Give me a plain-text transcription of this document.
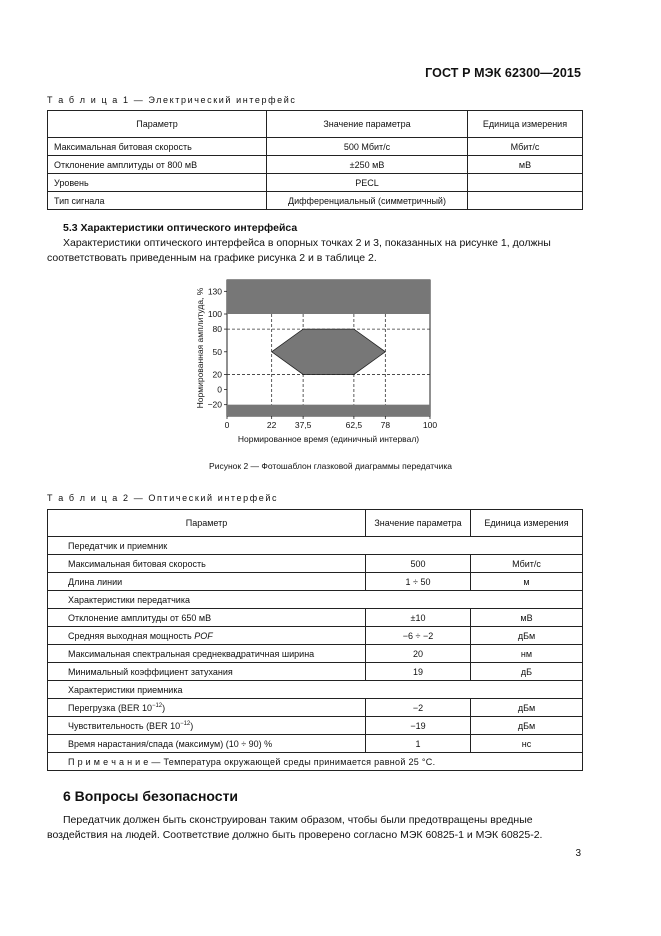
ГОСТ Р МЭК 62300—2015
Т а б л и ц а 1 — Электрический интерфейс
Параметр	Значение параметра	Единица измерения
Максимальная битовая скорость	500 Мбит/с	Мбит/с
Отклонение амплитуды от 800 мВ	±250 мВ	мВ
Уровень	PECL	
Тип сигнала	Дифференциальный (симметричный)	
5.3 Характеристики оптического интерфейса
Характеристики оптического интерфейса в опорных точках 2 и 3, показанных на рисунке 1, должны
соответствовать приведенным на графике рисунка 2 и в таблице 2.
130
100
80
50
20
0
−20
0	22 37,5	62,5 78	100
Нормированное время (единичный интервал)
Нормированная амплитуда, %
Рисунок 2 — Фотошаблон глазковой диаграммы передатчика
Т а б л и ц а 2 — Оптический интерфейс
Параметр	Значение параметра	Единица измерения
Передатчик и приемник		
Максимальная битовая скорость	500	Мбит/с
Длина линии	1 ÷ 50	м
Характеристики передатчика		
Отклонение амплитуды от 650 мВ	±10	мВ
Средняя выходная мощность POF	−6 ÷ −2	дБм
Максимальная спектральная среднеквадратичная ширина	20	нм
Минимальный коэффициент затухания	19	дБ
Характеристики приемника		
Перегрузка (BER $10^{-12}$)	−2	дБм
Чувствительность (BER $10^{-12}$)	−19	дБм
Время нарастания/спада (максимум) (10 ÷ 90) %	1	нс
П р и м е ч а н и е — Температура окружающей среды принимается равной 25 °С.		
6 Вопросы безопасности
Передатчик должен быть сконструирован таким образом, чтобы были предотвращены вредные
воздействия на людей. Соответствие должно быть проверено согласно МЭК 60825-1 и МЭК 60825-2.
3
